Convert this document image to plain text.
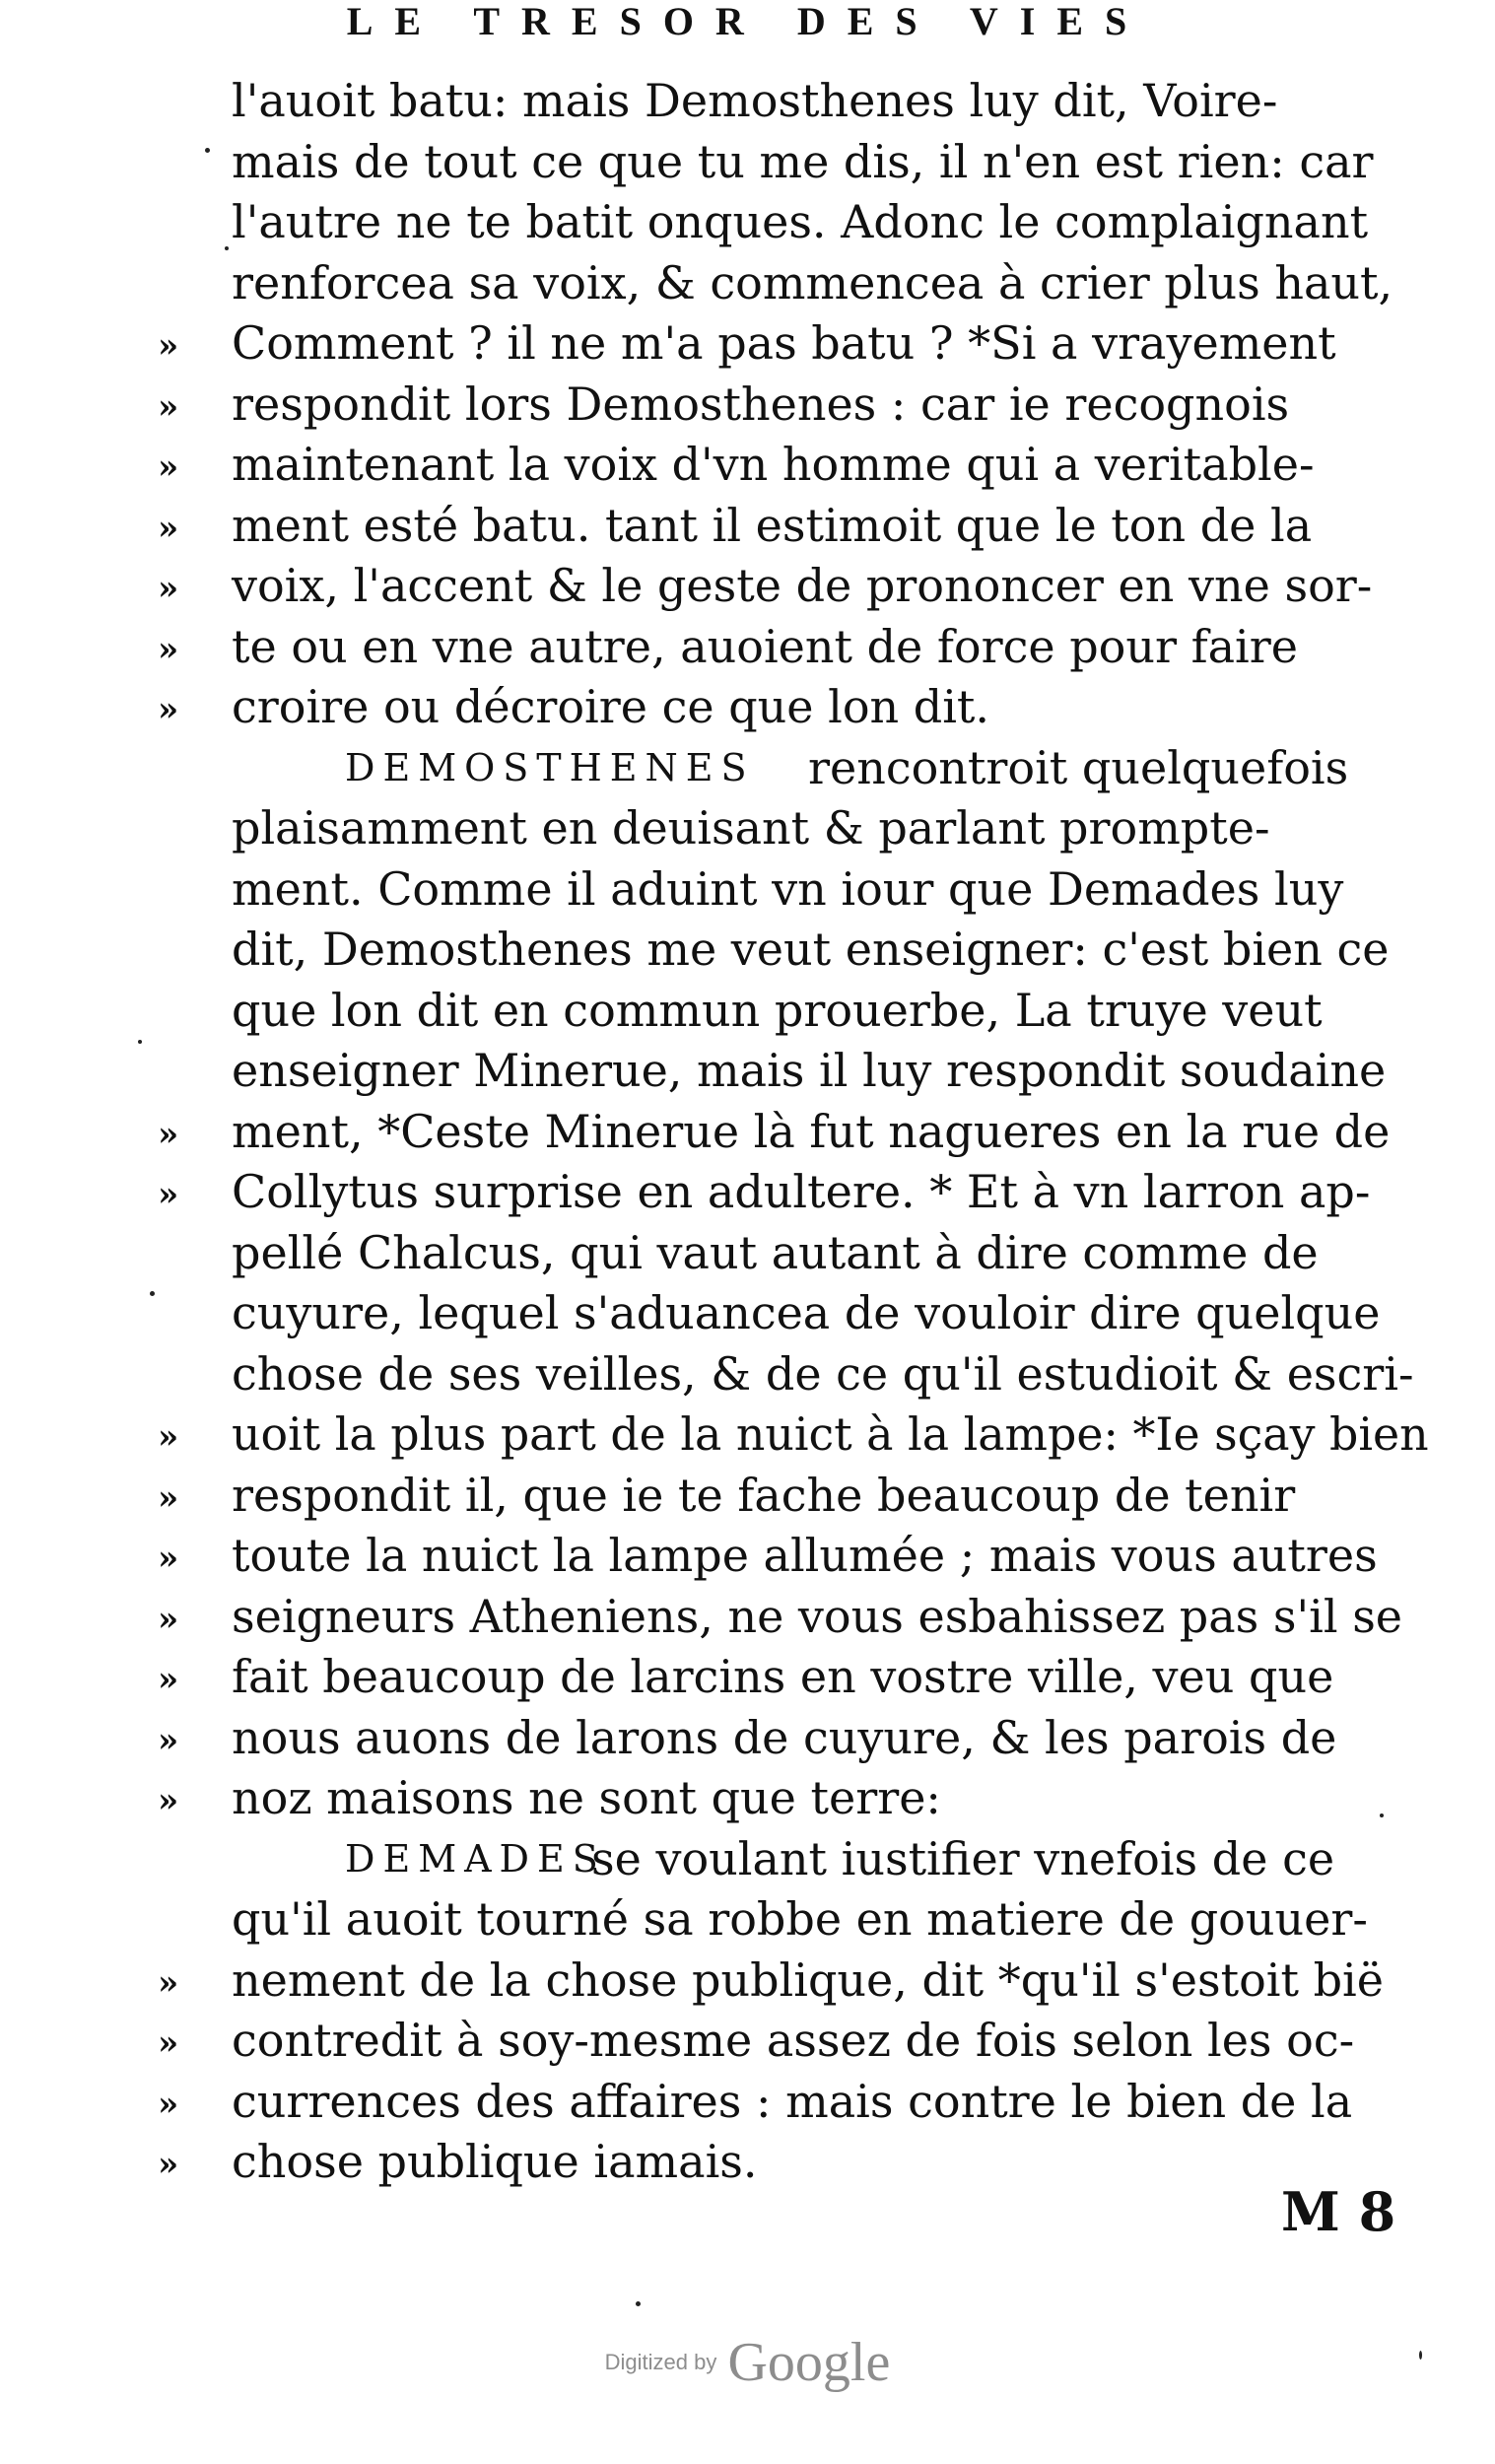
LE TRESOR DES VIES
l'auoit batu: mais Demosthenes luy dit, Voire-
mais de tout ce que tu me dis, il n'en est rien: car
l'autre ne te batit onques. Adonc le complaignant
renforcea sa voix, & commencea à crier plus haut,
» Comment ? il ne m'a pas batu ? *Si a vrayement
» respondit lors Demosthenes : car ie recognois
» maintenant la voix d'vn homme qui a veritable-
» ment esté batu. tant il estimoit que le ton de la
» voix, l'accent & le geste de prononcer en vne sor-
» te ou en vne autre, auoient de force pour faire
» croire ou décroire ce que lon dit.
DEMOSTHENES rencontroit quelquefois
plaisamment en deuisant & parlant prompte-
ment. Comme il aduint vn iour que Demades luy
dit, Demosthenes me veut enseigner: c'est bien ce
que lon dit en commun prouerbe, La truye veut
enseigner Minerue, mais il luy respondit soudaine
» ment, *Ceste Minerue là fut nagueres en la rue de
» Collytus surprise en adultere. * Et à vn larron ap-
pellé Chalcus, qui vaut autant à dire comme de
cuyure, lequel s'aduancea de vouloir dire quelque
chose de ses veilles, & de ce qu'il estudioit & escri-
» uoit la plus part de la nuict à la lampe: *Ie sçay bien
» respondit il, que ie te fache beaucoup de tenir
» toute la nuict la lampe allumée ; mais vous autres
» seigneurs Atheniens, ne vous esbahissez pas s'il se
» fait beaucoup de larcins en vostre ville, veu que
» nous auons de larons de cuyure, & les parois de
» noz maisons ne sont que terre:
DEMADES
se voulant iustifier vnefois de ce
qu'il auoit tourné sa robbe en matiere de gouuer-
» nement de la chose publique, dit *qu'il s'estoit bië
» contredit à soy-mesme assez de fois selon les oc-
» currences des affaires : mais contre le bien de la
» chose publique iamais.
M 8
Digitized by Google
